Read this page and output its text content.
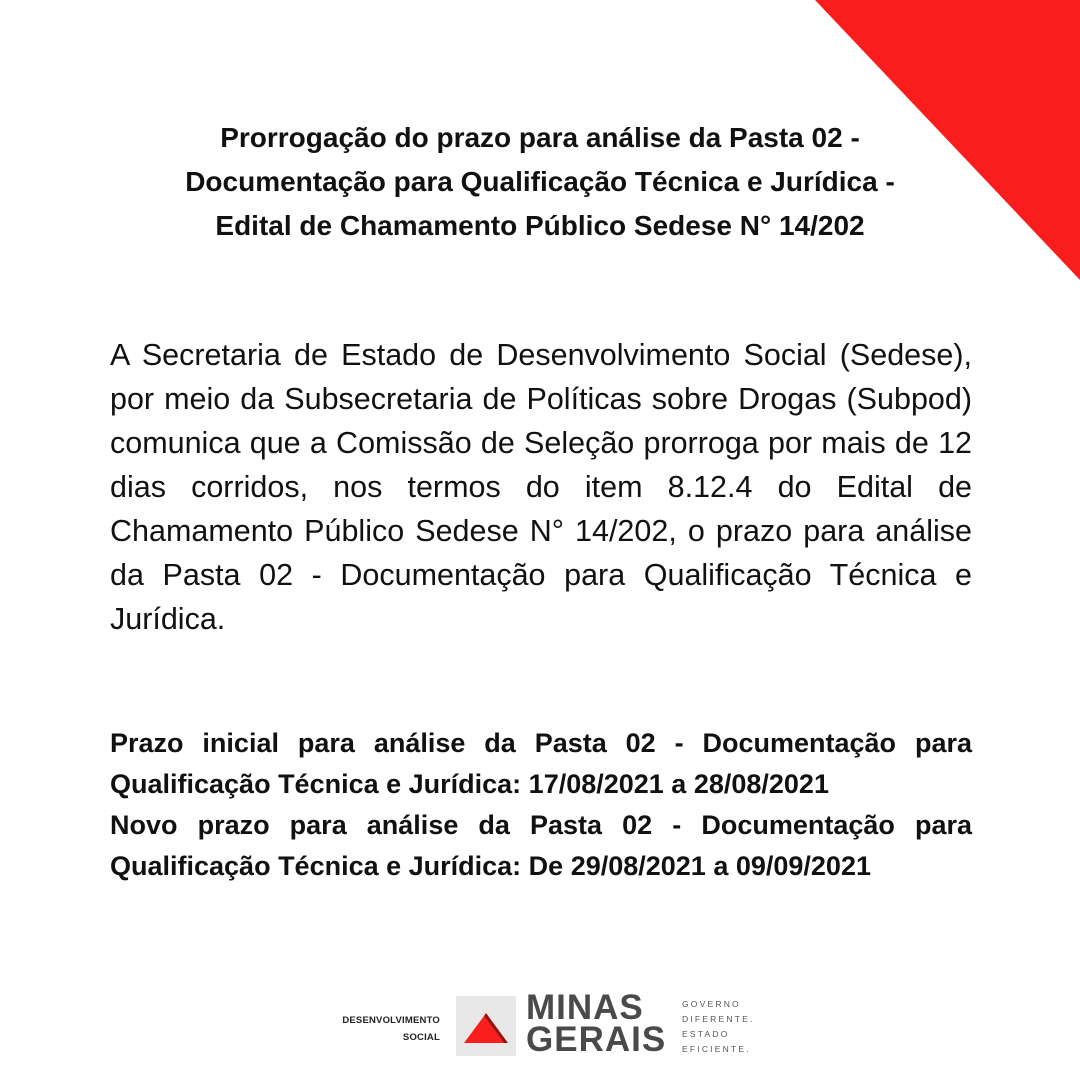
Prorrogação do prazo para análise da Pasta 02 -
Documentação para Qualificação Técnica e Jurídica -
Edital de Chamamento Público Sedese N° 14/202

A Secretaria de Estado de Desenvolvimento Social (Sedese), por meio da Subsecretaria de Políticas sobre Drogas (Subpod) comunica que a Comissão de Seleção prorroga por mais de 12 dias corridos, nos termos do item 8.12.4 do Edital de Chamamento Público Sedese N° 14/202, o prazo para análise da Pasta 02 - Documentação para Qualificação Técnica e Jurídica.

Prazo inicial para análise da Pasta 02 - Documentação para Qualificação Técnica e Jurídica: 17/08/2021 a 28/08/2021

Novo prazo para análise da Pasta 02 - Documentação para Qualificação Técnica e Jurídica: De 29/08/2021 a 09/09/2021

DESENVOLVIMENTO
SOCIAL
MINAS
GERAIS
GOVERNO
DIFERENTE.
ESTADO
EFICIENTE.
